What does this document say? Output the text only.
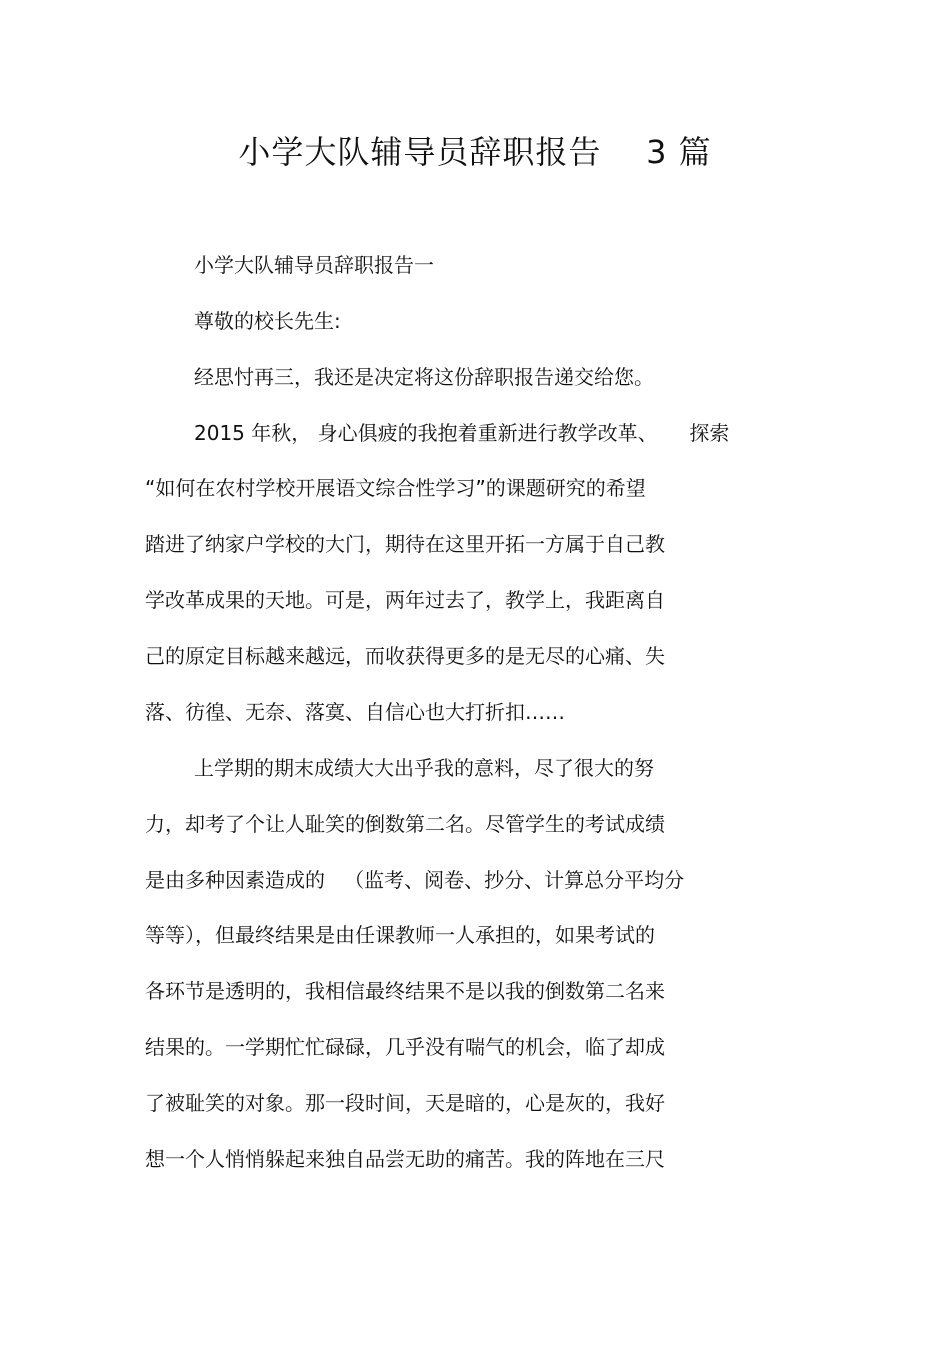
小学大队辅导员辞职报告    3 篇
小学大队辅导员辞职报告一
尊敬的校长先生:
经思忖再三，我还是决定将这份辞职报告递交给您。
2015 年秋， 身心俱疲的我抱着重新进行教学改革、     探索
“如何在农村学校开展语文综合性学习”的课题研究的希望
踏进了纳家户学校的大门，期待在这里开拓一方属于自己教
学改革成果的天地。可是，两年过去了，教学上，我距离自
己的原定目标越来越远，而收获得更多的是无尽的心痛、失
落、彷徨、无奈、落寞、自信心也大打折扣……
上学期的期末成绩大大出乎我的意料，尽了很大的努
力，却考了个让人耻笑的倒数第二名。尽管学生的考试成绩
是由多种因素造成的   （监考、阅卷、抄分、计算总分平均分
等等），但最终结果是由任课教师一人承担的，如果考试的
各环节是透明的，我相信最终结果不是以我的倒数第二名来
结果的。一学期忙忙碌碌，几乎没有喘气的机会，临了却成
了被耻笑的对象。那一段时间，天是暗的，心是灰的，我好
想一个人悄悄躲起来独自品尝无助的痛苦。我的阵地在三尺
